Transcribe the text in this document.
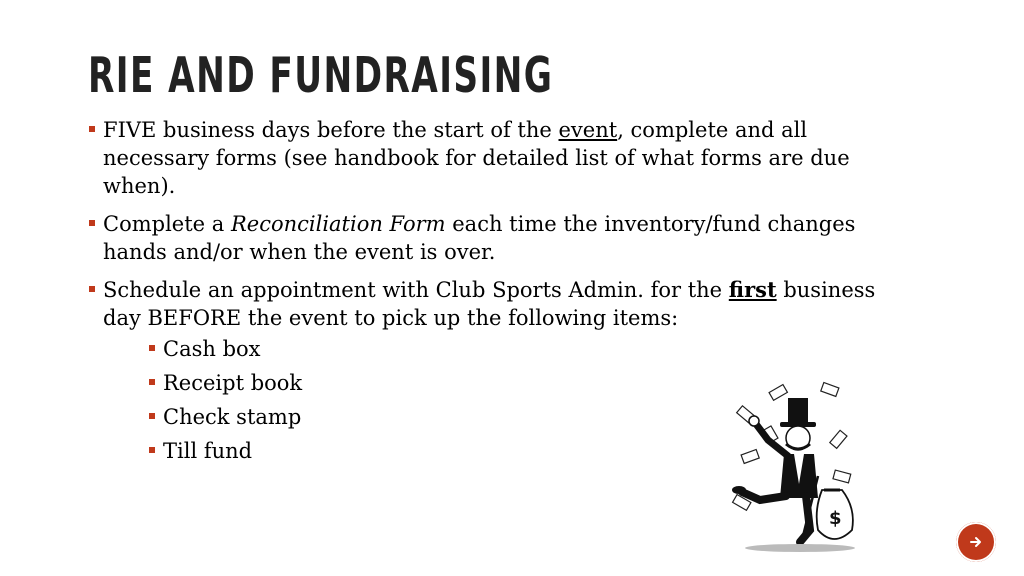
RIE AND FUNDRAISING
FIVE business days before the start of the event, complete and all necessary forms (see handbook for detailed list of what forms are due when).
Complete a Reconciliation Form each time the inventory/fund changes hands and/or when the event is over.
Schedule an appointment with Club Sports Admin. for the first business day BEFORE the event to pick up the following items:
Cash box
Receipt book
Check stamp
Till fund
$
